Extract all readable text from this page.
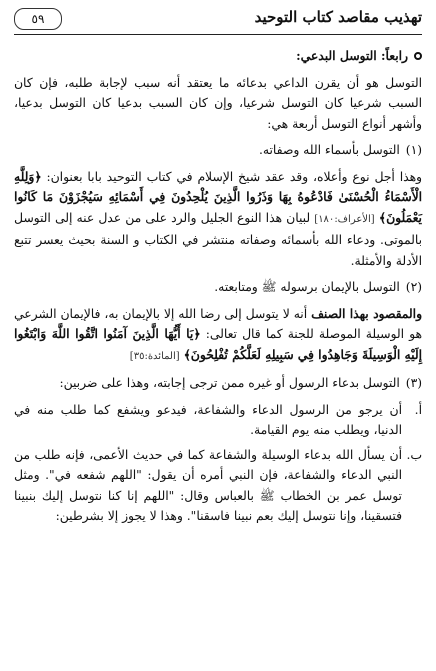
تهذيب مقاصد كتاب التوحيد
٥٩
رابعاً: التوسل البدعي:

التوسل هو أن يقرن الداعي بدعائه ما يعتقد أنه سبب لإجابة طلبه، فإن كان السبب شرعيا كان التوسل شرعيا، وإن كان السبب بدعيا كان التوسل بدعيا، وأشهر أنواع التوسل أربعة هي:

(١)
التوسل بأسماء الله وصفاته.

وهذا أجل نوع وأعلاه، وقد عقد شيخ الإسلام في كتاب التوحيد بابا بعنوان: ﴿وَلِلَّهِ الْأَسْمَاءُ الْحُسْنَىٰ فَادْعُوهُ بِهَا وَذَرُوا الَّذِينَ يُلْحِدُونَ فِي أَسْمَائِهِ سَيُجْزَوْنَ مَا كَانُوا يَعْمَلُونَ﴾ [الأعراف:١٨٠] لبيان هذا النوع الجليل والرد على من عدل عنه إلى التوسل بالموتى. ودعاء الله بأسمائه وصفاته منتشر في الكتاب و السنة بحيث يعسر تتبع الأدلة والأمثلة.

(٢)
التوسل بالإيمان برسوله ﷺ ومتابعته.

والمقصود بهذا الصنف أنه لا يتوسل إلى رضا الله إلا بالإيمان به، فالإيمان الشرعي هو الوسيلة الموصلة للجنة كما قال تعالى: ﴿يَا أَيُّهَا الَّذِينَ آمَنُوا اتَّقُوا اللَّهَ وَابْتَغُوا إِلَيْهِ الْوَسِيلَةَ وَجَاهِدُوا فِي سَبِيلِهِ لَعَلَّكُمْ تُفْلِحُونَ﴾ [المائدة:٣٥]

(٣)
التوسل بدعاء الرسول أو غيره ممن ترجى إجابته، وهذا على ضربين:
أ.
أن يرجو من الرسول الدعاء والشفاعة، فيدعو ويشفع كما طلب منه في الدنيا، ويطلب منه يوم القيامة.
ب.
أن يسأل الله بدعاء الوسيلة والشفاعة كما في حديث الأعمى، فإنه طلب من النبي الدعاء والشفاعة، فإن النبي أمره أن يقول: "اللهم شفعه في". ومثل توسل عمر بن الخطاب ﷺ بالعباس وقال: "اللهم إنا كنا نتوسل إليك بنبينا فتسقينا، وإنا نتوسل إليك بعم نبينا فاسقنا". وهذا لا يجوز إلا بشرطين:
